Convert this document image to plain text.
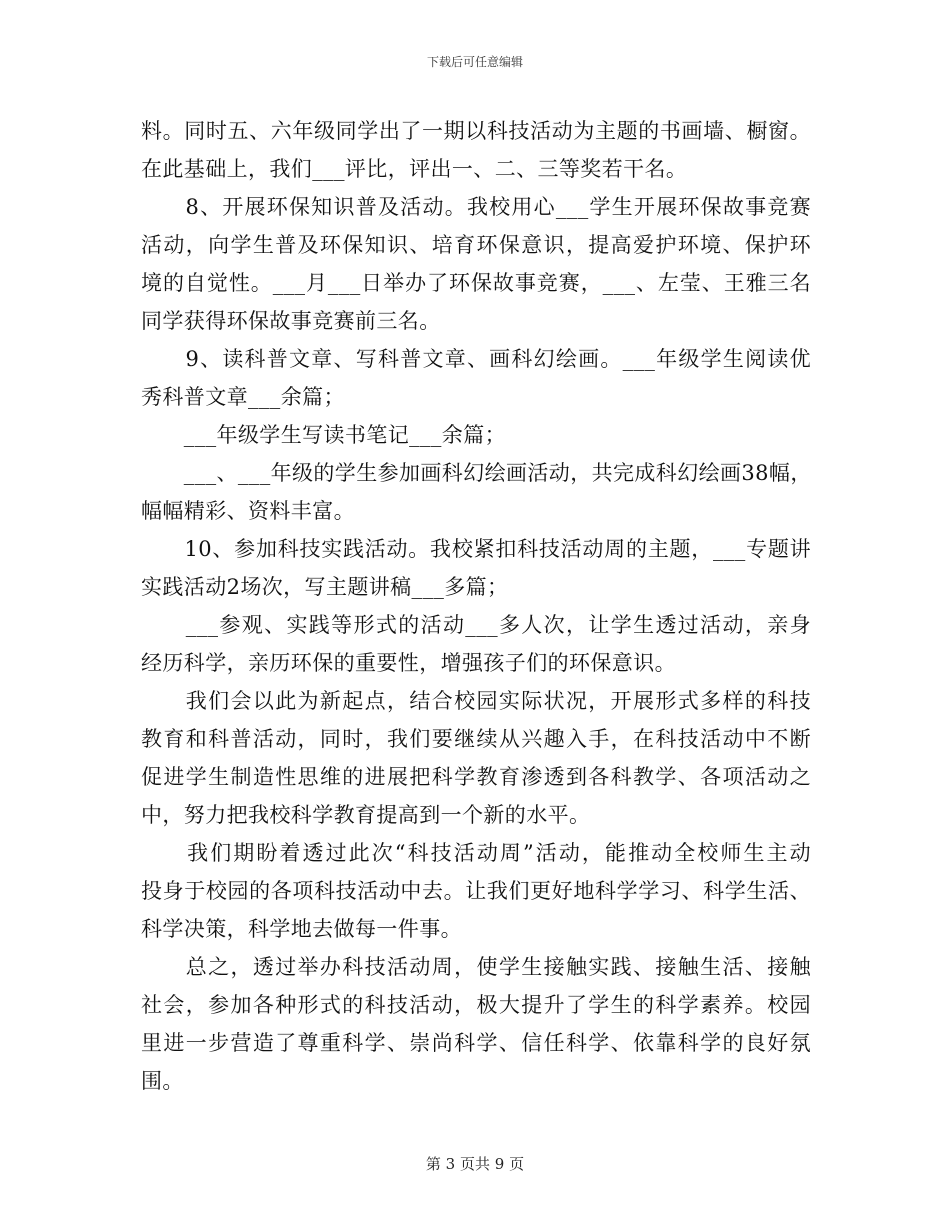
下载后可任意编辑
料。同时五、六年级同学出了一期以科技活动为主题的书画墙、橱窗。
在此基础上，我们___评比，评出一、二、三等奖若干名。
　　8、开展环保知识普及活动。我校用心___学生开展环保故事竞赛
活动，向学生普及环保知识、培育环保意识，提高爱护环境、保护环
境的自觉性。___月___日举办了环保故事竞赛，___、左莹、王雅三名
同学获得环保故事竞赛前三名。
　　9、读科普文章、写科普文章、画科幻绘画。___年级学生阅读优
秀科普文章___余篇；
　　___年级学生写读书笔记___余篇；
　　___、___年级的学生参加画科幻绘画活动，共完成科幻绘画38幅，
幅幅精彩、资料丰富。
　　10、参加科技实践活动。我校紧扣科技活动周的主题，___专题讲
实践活动2场次，写主题讲稿___多篇；
　　___参观、实践等形式的活动___多人次，让学生透过活动，亲身
经历科学，亲历环保的重要性，增强孩子们的环保意识。
　　我们会以此为新起点，结合校园实际状况，开展形式多样的科技
教育和科普活动，同时，我们要继续从兴趣入手，在科技活动中不断
促进学生制造性思维的进展把科学教育渗透到各科教学、各项活动之
中，努力把我校科学教育提高到一个新的水平。
　　我们期盼着透过此次“科技活动周”活动，能推动全校师生主动
投身于校园的各项科技活动中去。让我们更好地科学学习、科学生活、
科学决策，科学地去做每一件事。
　　总之，透过举办科技活动周，使学生接触实践、接触生活、接触
社会，参加各种形式的科技活动，极大提升了学生的科学素养。校园
里进一步营造了尊重科学、崇尚科学、信任科学、依靠科学的良好氛
围。
第 3 页共 9 页
